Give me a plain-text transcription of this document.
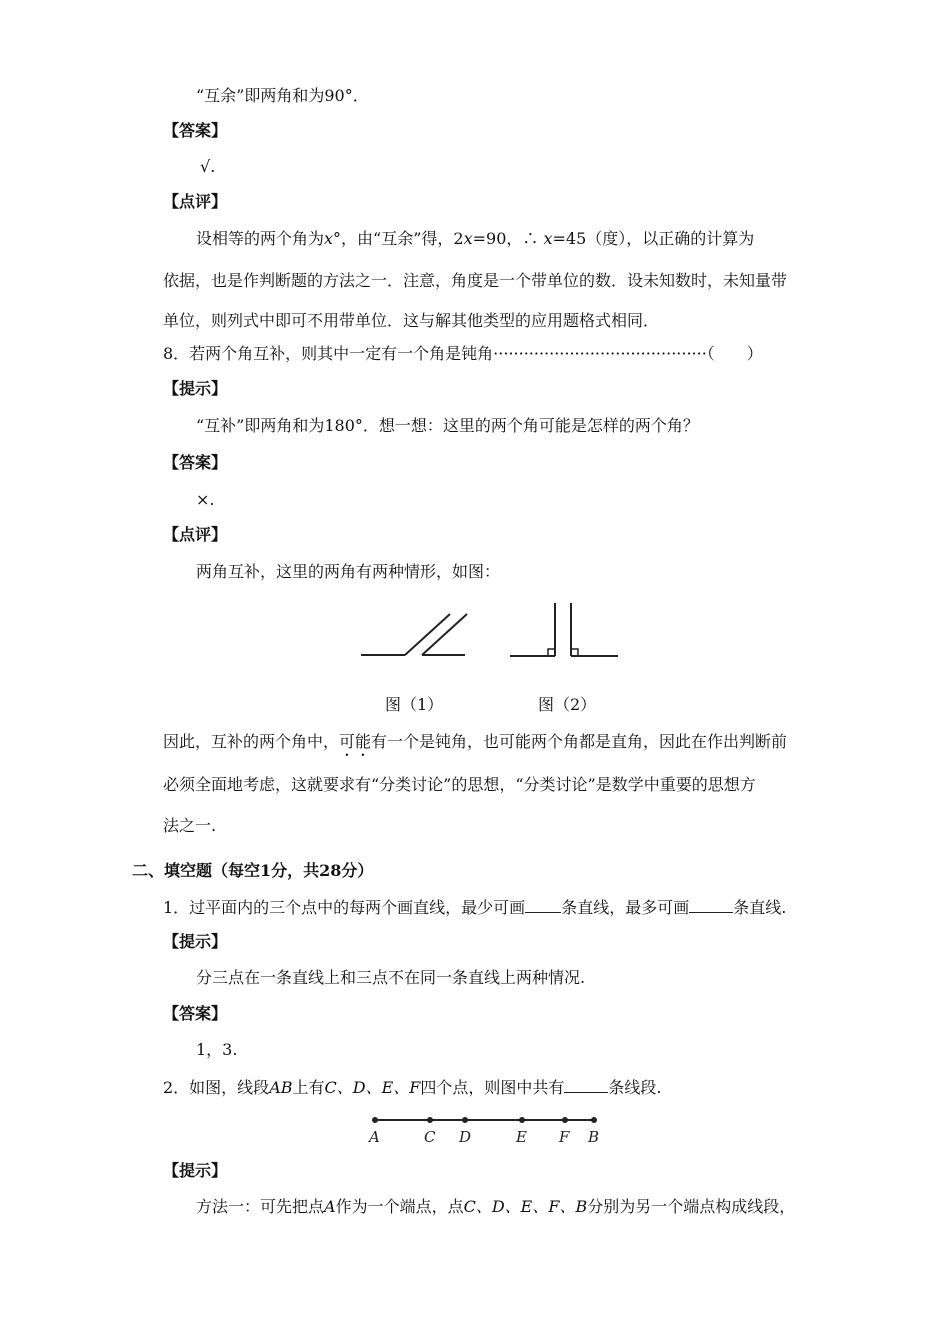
“互余”即两角和为90°．
【答案】
√.
【点评】
设相等的两个角为x°，由“互余”得，2x=90，∴ x=45（度），以正确的计算为
依据，也是作判断题的方法之一．注意，角度是一个带单位的数．设未知数时，未知量带
单位，则列式中即可不用带单位．这与解其他类型的应用题格式相同．
8．若两个角互补，则其中一定有一个角是钝角··········································（　　）
【提示】
“互补”即两角和为180°．想一想：这里的两个角可能是怎样的两个角？
【答案】
×.
【点评】
两角互补，这里的两角有两种情形，如图：
图（1）	图（2）
因此，互补的两个角中，可能有一个是钝角，也可能两个角都是直角，因此在作出判断前
必须全面地考虑，这就要求有“分类讨论”的思想，“分类讨论”是数学中重要的思想方
法之一.
二、填空题（每空1分，共28分）
1．过平面内的三个点中的每两个画直线，最少可画 条直线，最多可画	条直线.
【提示】
分三点在一条直线上和三点不在同一条直线上两种情况.
【答案】
1，3.
2．如图，线段AB上有C、D、E、F四个点，则图中共有	条线段.
A	C D	E F B
【提示】
方法一：可先把点A作为一个端点，点C、D、E、F、B分别为另一个端点构成线段，
